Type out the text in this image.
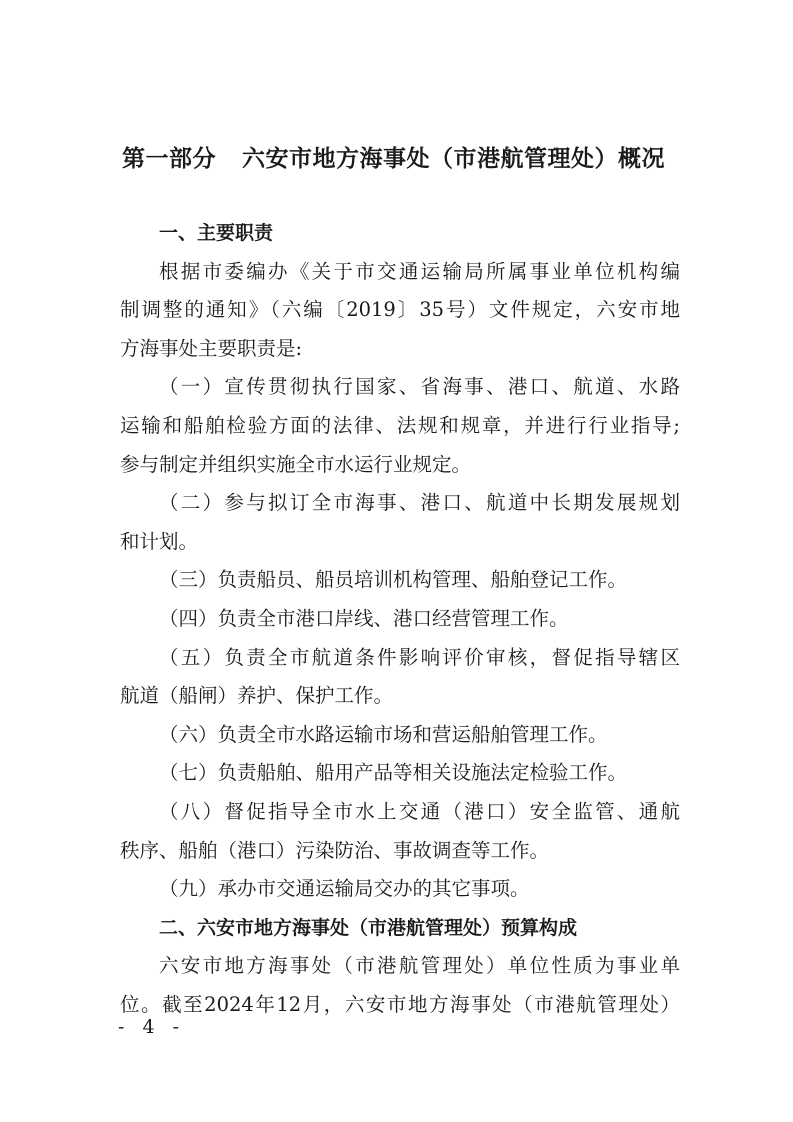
第一部分 六安市地方海事处（市港航管理处）概况
一、主要职责
根据市委编办《关于市交通运输局所属事业单位机构编
制调整的通知》（六编〔2019〕35号）文件规定，六安市地
方海事处主要职责是:
（一）宣传贯彻执行国家、省海事、港口、航道、水路
运输和船舶检验方面的法律、法规和规章，并进行行业指导;
参与制定并组织实施全市水运行业规定。
（二）参与拟订全市海事、港口、航道中长期发展规划
和计划。
（三）负责船员、船员培训机构管理、船舶登记工作。
（四）负责全市港口岸线、港口经营管理工作。
（五）负责全市航道条件影响评价审核，督促指导辖区
航道（船闸）养护、保护工作。
（六）负责全市水路运输市场和营运船舶管理工作。
（七）负责船舶、船用产品等相关设施法定检验工作。
（八）督促指导全市水上交通（港口）安全监管、通航
秩序、船舶（港口）污染防治、事故调查等工作。
（九）承办市交通运输局交办的其它事项。
二、六安市地方海事处（市港航管理处）预算构成
六安市地方海事处（市港航管理处）单位性质为事业单
位。截至2024年12月，六安市地方海事处（市港航管理处）
- 4 -
